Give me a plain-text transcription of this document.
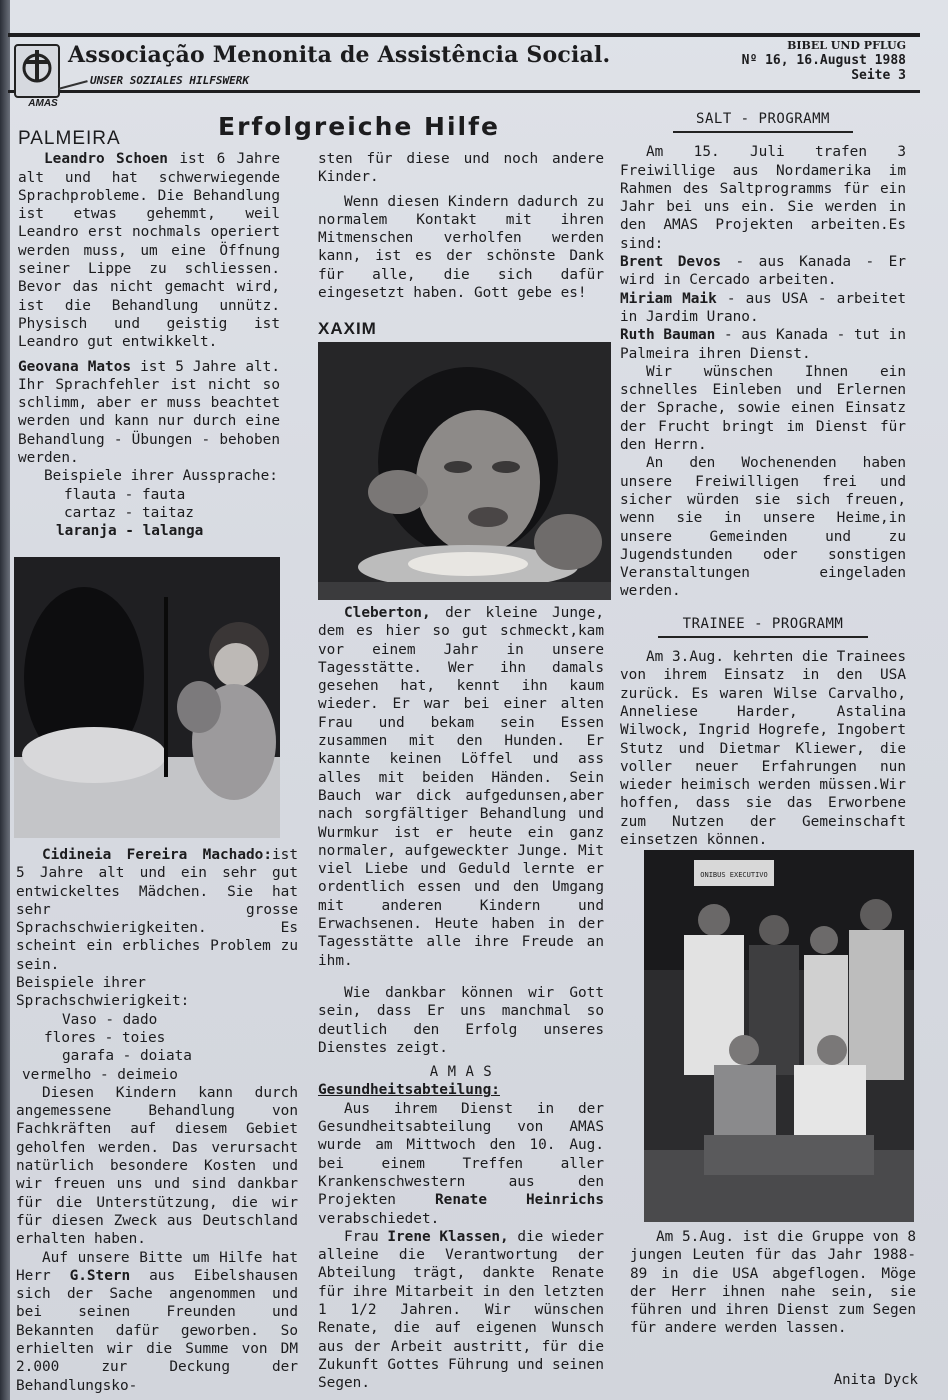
AMAS
Associação Menonita de Assistência Social.
UNSER SOZIALES HILFSWERK
BIBEL UND PFLUG
Nº 16, 16.August 1988
Seite 3
Erfolgreiche Hilfe
PALMEIRA

Leandro Schoen ist 6 Jahre alt und hat schwerwiegende Sprachprobleme. Die Behandlung ist etwas gehemmt, weil Leandro erst nochmals operiert werden muss, um eine Öffnung seiner Lippe zu schliessen. Bevor das nicht gemacht wird, ist die Behandlung unnütz. Physisch und geistig ist Leandro gut entwikkelt.

Geovana Matos ist 5 Jahre alt. Ihr Sprachfehler ist nicht so schlimm, aber er muss beachtet werden und kann nur durch eine Behandlung - Übungen - behoben werden.

Beispiele ihrer Aussprache:

flauta - fauta
cartaz - taitaz
laranja - lalanga

Cidineia Fereira Machado:ist 5 Jahre alt und ein sehr gut entwickeltes Mädchen. Sie hat sehr grosse Sprachschwierigkeiten. Es scheint ein erbliches Problem zu sein.

Beispiele ihrer Sprachschwierigkeit:

Vaso - dado
flores - toies
garafa - doiata
vermelho - deimeio

Diesen Kindern kann durch angemessene Behandlung von Fachkräften auf diesem Gebiet geholfen werden. Das verursacht natürlich besondere Kosten und wir freuen uns und sind dankbar für die Unterstützung, die wir für diesen Zweck aus Deutschland erhalten haben.

Auf unsere Bitte um Hilfe hat Herr G.Stern aus Eibelshausen sich der Sache angenommen und bei seinen Freunden und Bekannten dafür geworben. So erhielten wir die Summe von DM 2.000 zur Deckung der Behandlungsko-

sten für diese und noch andere Kinder.

Wenn diesen Kindern dadurch zu normalem Kontakt mit ihren Mitmenschen verholfen werden kann, ist es der schönste Dank für alle, die sich dafür eingesetzt haben. Gott gebe es!

XAXIM

Cleberton, der kleine Junge, dem es hier so gut schmeckt,kam vor einem Jahr in unsere Tagesstätte. Wer ihn damals gesehen hat, kennt ihn kaum wieder. Er war bei einer alten Frau und bekam sein Essen zusammen mit den Hunden. Er kannte keinen Löffel und ass alles mit beiden Händen. Sein Bauch war dick aufgedunsen,aber nach sorgfältiger Behandlung und Wurmkur ist er heute ein ganz normaler, aufgeweckter Junge. Mit viel Liebe und Geduld lernte er ordentlich essen und den Umgang mit anderen Kindern und Erwachsenen. Heute haben in der Tagesstätte alle ihre Freude an ihm.

Wie dankbar können wir Gott sein, dass Er uns manchmal so deutlich den Erfolg unseres Dienstes zeigt.

A M A S
Gesundheitsabteilung:

Aus ihrem Dienst in der Gesundheitsabteilung von AMAS wurde am Mittwoch den 10. Aug. bei einem Treffen aller Krankenschwestern aus den Projekten	Renate Heinrichs verabschiedet.

Frau Irene Klassen, die wieder alleine die Verantwortung der Abteilung trägt, dankte Renate für ihre Mitarbeit in den letzten 1 1/2 Jahren. Wir wünschen Renate, die auf eigenen Wunsch aus der Arbeit austritt, für die Zukunft Gottes Führung und seinen Segen.

SALT - PROGRAMM

Am 15. Juli trafen 3 Freiwillige aus Nordamerika im Rahmen des Saltprogramms für ein Jahr bei uns ein. Sie werden in den AMAS Projekten arbeiten.Es sind:

Brent Devos - aus Kanada - Er wird in Cercado arbeiten.

Miriam Maik - aus USA - arbeitet in Jardim Urano.

Ruth Bauman - aus Kanada - tut in Palmeira ihren Dienst.

Wir wünschen Ihnen ein schnelles Einleben und Erlernen der Sprache, sowie einen Einsatz der Frucht bringt im Dienst für den Herrn.

An den Wochenenden haben unsere Freiwilligen frei und sicher würden sie sich freuen, wenn sie in unsere Heime,in unsere Gemeinden und zu Jugendstunden oder sonstigen Veranstaltungen eingeladen werden.

TRAINEE - PROGRAMM

Am 3.Aug. kehrten die Trainees von ihrem Einsatz in den USA zurück. Es waren Wilse Carvalho, Anneliese Harder, Astalina Wilwock, Ingrid Hogrefe, Ingobert Stutz und Dietmar Kliewer, die voller neuer Erfahrungen nun wieder heimisch werden müssen.Wir hoffen, dass sie das Erworbene zum Nutzen der Gemeinschaft einsetzen können.

ONIBUS EXECUTIVO

Am 5.Aug. ist die Gruppe von 8 jungen Leuten für das Jahr 1988-89 in die USA abgeflogen. Möge der Herr ihnen nahe sein, sie führen und ihren Dienst zum Segen für andere werden lassen.

Anita Dyck
